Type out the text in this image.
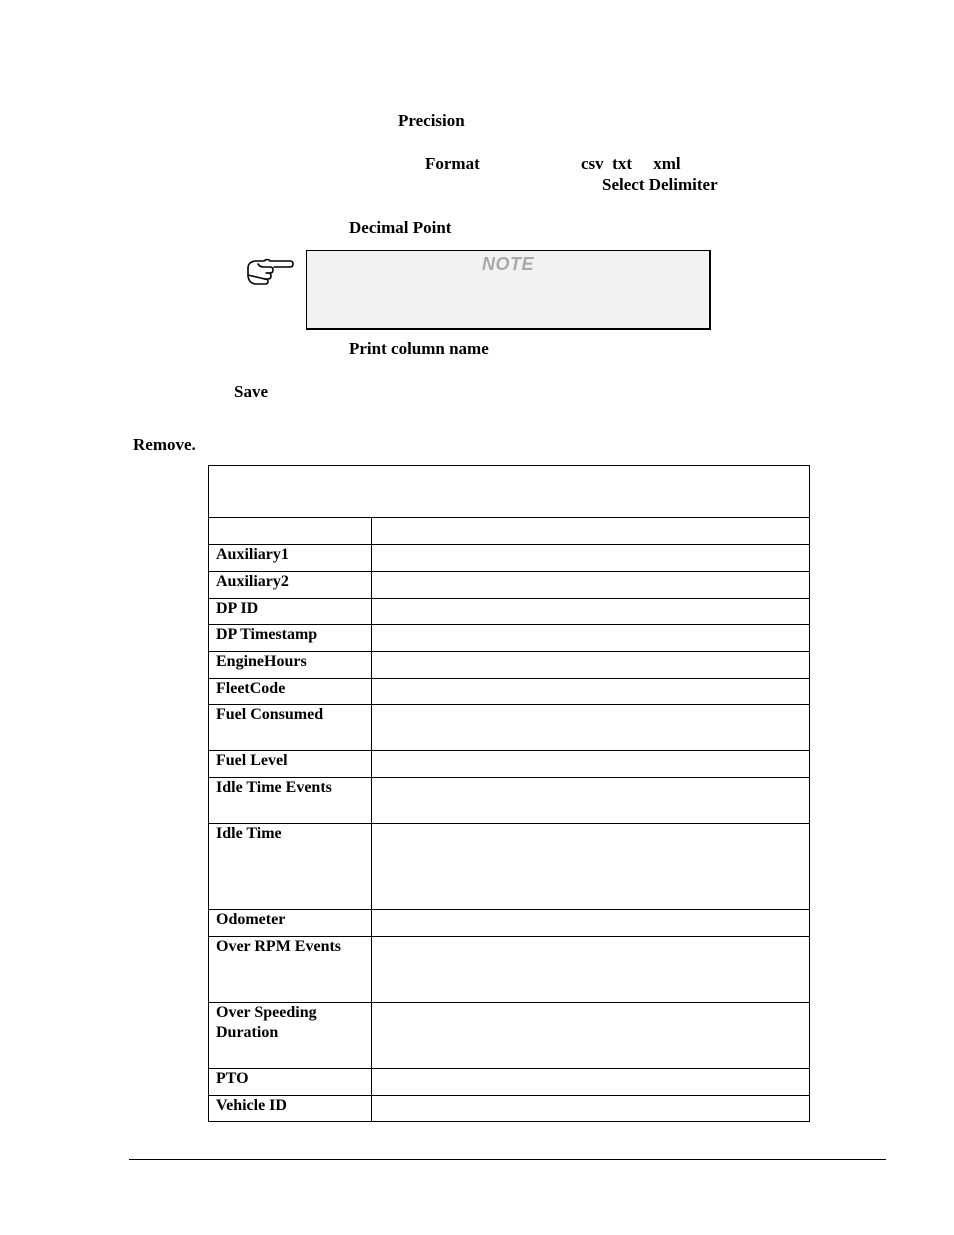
Precision
Format	csv  txt     xml
Select Delimiter
Decimal Point
NOTE
Print column name
Save
Remove.

Auxiliary1	
Auxiliary2	
DP ID	
DP Timestamp	
EngineHours	
FleetCode	
Fuel Consumed	
Fuel Level	
Idle Time Events	
Idle Time	
Odometer	
Over RPM Events	
Over Speeding Duration	
PTO	
Vehicle ID	
